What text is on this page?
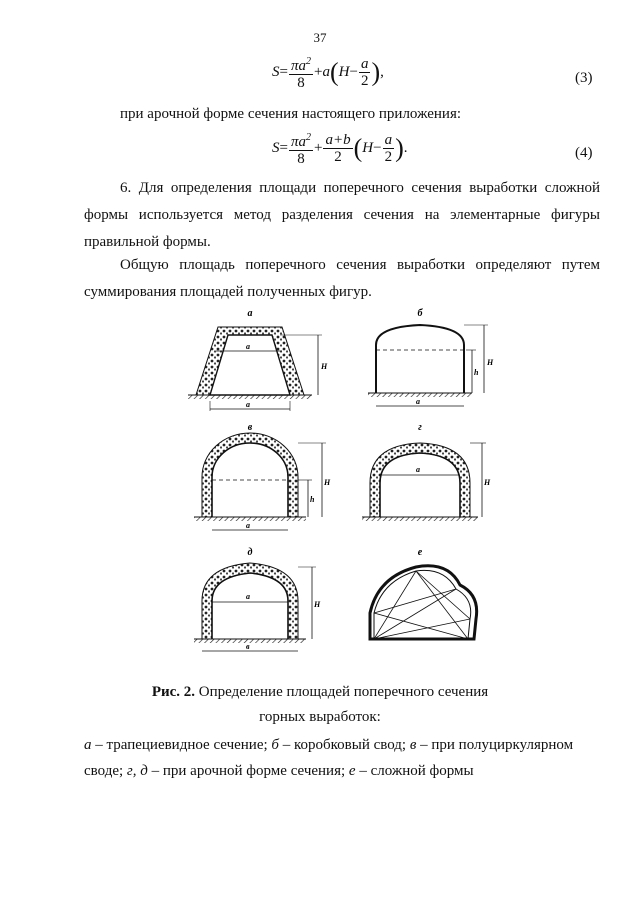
37
$S= \frac{\pi a^2}{8} +a(H- \frac{a}{2}$ ),	(3)
при арочной форме сечения настоящего приложения:
$S= \frac{\pi a^2}{8} + \frac{a+b}{2} (H- \frac{a}{2}$ ).	(4)
6. Для определения площади поперечного сечения выработки сложной формы используется метод разделения сечения на элементарные фигуры правильной формы.
Общую площадь поперечного сечения выработки определяют путем суммирования площадей полученных фигур.
а
a
a
H
б
a
h
H
в
a
h
H
г
a
H
д
a
в
H
е
Рис. 2. Определение площадей поперечного сечения
горных выработок:
а – трапециевидное сечение; б – коробковый свод; в – при полуциркулярном
своде; г, д – при арочной форме сечения; е – сложной формы
